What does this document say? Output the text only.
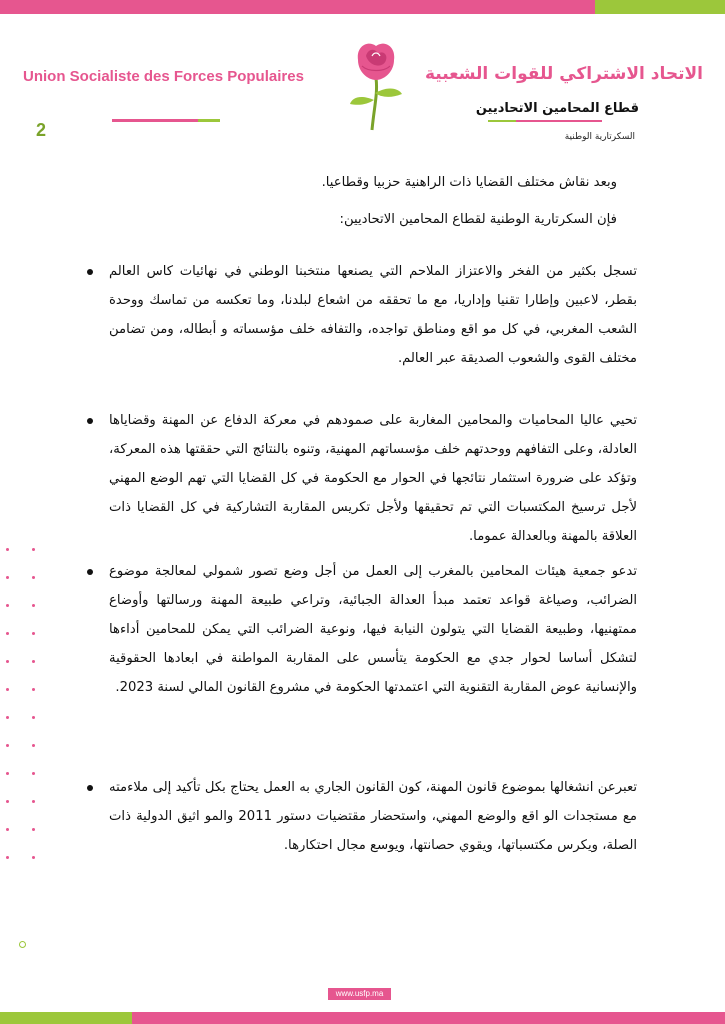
Union Socialiste des Forces Populaires	الاتحاد الاشتراكي للقوات الشعبية

قطاع المحامين الاتحاديين
السكرتارية الوطنية
2

وبعد نقاش مختلف القضايا ذات الراهنية حزبيا وقطاعيا.

فإن السكرتارية الوطنية لقطاع المحامين الاتحاديين:

تسجل بكثير من الفخر والاعتزاز الملاحم التي يصنعها منتخبنا الوطني في نهائيات كاس العالم بقطر، لاعبين وإطارا تقنيا وإداريا، مع ما تحققه من اشعاع لبلدنا، وما تعكسه من تماسك ووحدة الشعب المغربي، في كل مو اقع ومناطق تواجده، والتفافه خلف مؤسساته و أبطاله، ومن تضامن مختلف القوى والشعوب الصديقة عبر العالم.
تحيي عاليا المحاميات والمحامين المغاربة على صمودهم في معركة الدفاع عن المهنة وقضاياها العادلة، وعلى التفافهم ووحدتهم خلف مؤسساتهم المهنية، وتنوه بالنتائج التي حققتها هذه المعركة، وتؤكد على ضرورة استثمار نتائجها في الحوار مع الحكومة في كل القضايا التي تهم الوضع المهني لأجل ترسيخ المكتسبات التي تم تحقيقها ولأجل تكريس المقاربة التشاركية في كل القضايا ذات العلاقة بالمهنة وبالعدالة عموما.
تدعو جمعية هيئات المحامين بالمغرب إلى العمل من أجل وضع تصور شمولي لمعالجة موضوع الضرائب، وصياغة قواعد تعتمد مبدأ العدالة الجبائية، وتراعي طبيعة المهنة ورسالتها وأوضاع ممتهنيها، وطبيعة القضايا التي يتولون النيابة فيها، ونوعية الضرائب التي يمكن للمحامين أداءها لتشكل أساسا لحوار جدي مع الحكومة يتأسس على المقاربة المواطنة في ابعادها الحقوقية والإنسانية عوض المقاربة التقنوية التي اعتمدتها الحكومة في مشروع القانون المالي لسنة 2023.
تعبرعن انشغالها بموضوع قانون المهنة، كون القانون الجاري به العمل يحتاج بكل تأكيد إلى ملاءمته مع مستجدات الو اقع والوضع المهني، واستحضار مقتضيات دستور 2011 والمو اثيق الدولية ذات الصلة، ويكرس مكتسباتها، ويقوي حصانتها، ويوسع مجال احتكارها.
www.usfp.ma
